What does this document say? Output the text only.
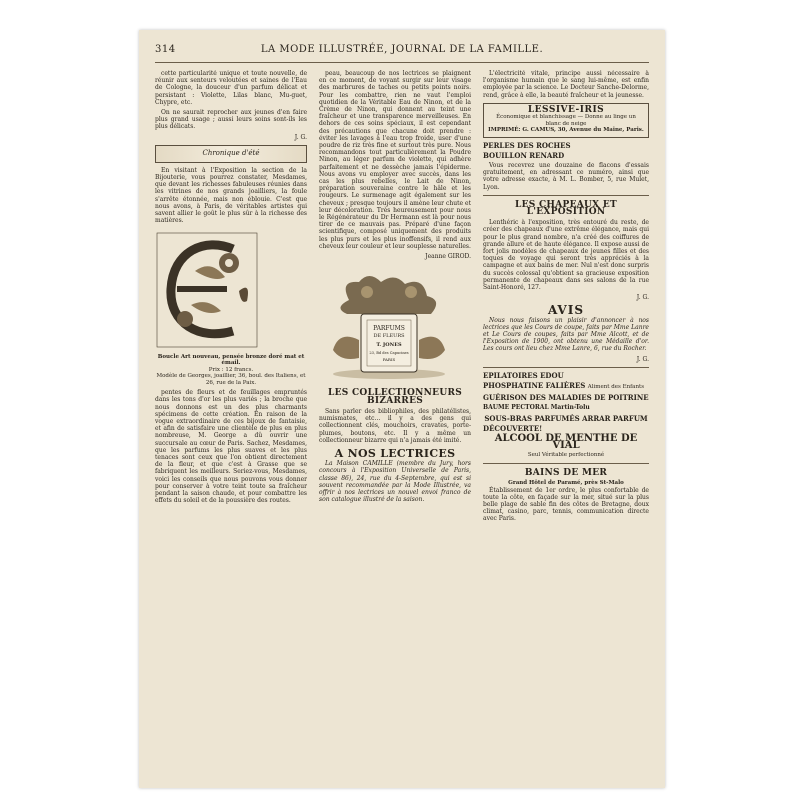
314	LA MODE ILLUSTRÉE, JOURNAL DE LA FAMILLE.

cette particularité unique et toute nouvelle, de réunir aux senteurs veloutées et saines de l'Eau de Cologne, la douceur d'un parfum délicat et persistant : Violette, Lilas blanc, Mu-guet, Chypre, etc.

On ne saurait reprocher aux jeunes d'en faire plus grand usage ; aussi leurs soins sont-ils les plus délicats.

J. G.
Chronique d'été

En visitant à l'Exposition la section de la Bijouterie, vous pourrez constater, Mesdames, que devant les richesses fabuleuses réunies dans les vitrines de nos grands joailliers, la foule s'arrête étonnée, mais non éblouie. C'est que nous avons, à Paris, de véritables artistes qui savent allier le goût le plus sûr à la richesse des matières.

Boucle Art nouveau, pensée bronze doré mat et émail.
Prix : 12 francs.
Modèle de Georges, joaillier, 36, boul. des Italiens, et 26, rue de la Paix.

pentes de fleurs et de feuillages empruntés dans les tons d'or les plus variés ; la broche que nous donnons est un des plus charmants spécimens de cette création. En raison de la vogue extraordinaire de ces bijoux de fantaisie, et afin de satisfaire une clientèle de plus en plus nombreuse, M. George a dû ouvrir une succursale au cœur de Paris. Sachez, Mesdames, que les parfums les plus suaves et les plus tenaces sont ceux que l'on obtient directement de la fleur, et que c'est à Grasse que se fabriquent les meilleurs. Seriez-vous, Mesdames, voici les conseils que nous pouvons vous donner pour conserver à votre teint toute sa fraîcheur pendant la saison chaude, et pour combattre les effets du soleil et de la poussière des routes.

peau, beaucoup de nos lectrices se plaignent en ce moment, de voyant surgir sur leur visage des marbrures de taches ou petits points noirs. Pour les combattre, rien ne vaut l'emploi quotidien de la Véritable Eau de Ninon, et de la Crème de Ninon, qui donnent au teint une fraîcheur et une transparence merveilleuses. En dehors de ces soins spéciaux, il est cependant des précautions que chacune doit prendre : éviter les lavages à l'eau trop froide, user d'une poudre de riz très fine et surtout très pure. Nous recommandons tout particulièrement la Poudre Ninon, au léger parfum de violette, qui adhère parfaitement et ne dessèche jamais l'épiderme. Nous avons vu employer avec succès, dans les cas les plus rebelles, le Lait de Ninon, préparation souveraine contre le hâle et les rougeurs. Le surmenage agit également sur les cheveux ; presque toujours il amène leur chute et leur décoloration. Très heureusement pour nous le Régénérateur du Dr Hermann est là pour nous tirer de ce mauvais pas. Préparé d'une façon scientifique, composé uniquement des produits les plus purs et les plus inoffensifs, il rend aux cheveux leur couleur et leur souplesse naturelles.

Jeanne GIROD.
PARFUMS
DE FLEURS
T. JONES
23, Bd des Capucines
PARIS
LES COLLECTIONNEURS BIZARRES

Sans parler des bibliophiles, des philatélistes, numismates, etc... il y a des gens qui collectionnent clés, mouchoirs, cravates, porte-plumes, boutons, etc. Il y a même un collectionneur bizarre qui n'a jamais été imité.

A NOS LECTRICES

La Maison CAMILLE (membre du Jury, hors concours à l'Exposition Universelle de Paris, classe 86), 24, rue du 4-Septembre, qui est si souvent recommandée par la Mode Illustrée, va offrir à nos lectrices un nouvel envoi franco de son catalogue illustré de la saison.

L'électricité vitale, principe aussi nécessaire à l'organisme humain que le sang lui-même, est enfin employée par la science. Le Docteur Sanche-Delorme, rend, grâce à elle, la beauté fraîcheur et la jeunesse.

LESSIVE-IRIS
Économique et blanchissage — Donne au linge un blanc de neige
IMPRIMÉ: G. CAMUS, 30, Avenue du Maine, Paris.
PERLES DES ROCHES
BOUILLON RENARD

Vous recevrez une douzaine de flacons d'essais gratuitement, en adressant ce numéro, ainsi que votre adresse exacte, à M. L. Bomber, 5, rue Mulet, Lyon.

LES CHAPEAUX ET L'EXPOSITION

Lenthéric à l'exposition, très entouré du reste, de créer des chapeaux d'une extrême élégance, mais qui pour le plus grand nombre, n'a créé des coiffures de grande allure et de haute élégance. Il expose aussi de fort jolis modèles de chapeaux de jeunes filles et des toques de voyage qui seront très appréciés à la campagne et aux bains de mer. Nul n'est donc surpris du succès colossal qu'obtient sa gracieuse exposition permanente de chapeaux dans ses salons de la rue Saint-Honoré, 127.

J. G.
AVIS

Nous nous faisons un plaisir d'annoncer à nos lectrices que les Cours de coupe, faits par Mme Lanre et Le Cours de coupes, faits par Mme Alcott, et de l'Exposition de 1900, ont obtenu une Médaille d'or. Les cours ont lieu chez Mme Lanre, 6, rue du Rocher.

J. G.
EPILATOIRES EDOU
PHOSPHATINE FALIÈRES Aliment des Enfants
GUÉRISON DES MALADIES DE POITRINE
BAUME PECTORAL Martin-Tolu
SOUS-BRAS PARFUMÉS ARRAR PARFUM
DÉCOUVERTE!
ALCOOL DE MENTHE DE VIAL
Seul Véritable perfectionné
BAINS DE MER
Grand Hôtel de Paramé, près St-Malo

Établissement de 1er ordre, le plus confortable de toute la côte, en façade sur la mer, situé sur la plus belle plage de sable fin des côtes de Bretagne, doux climat, casino, parc, tennis, communication directe avec Paris.
